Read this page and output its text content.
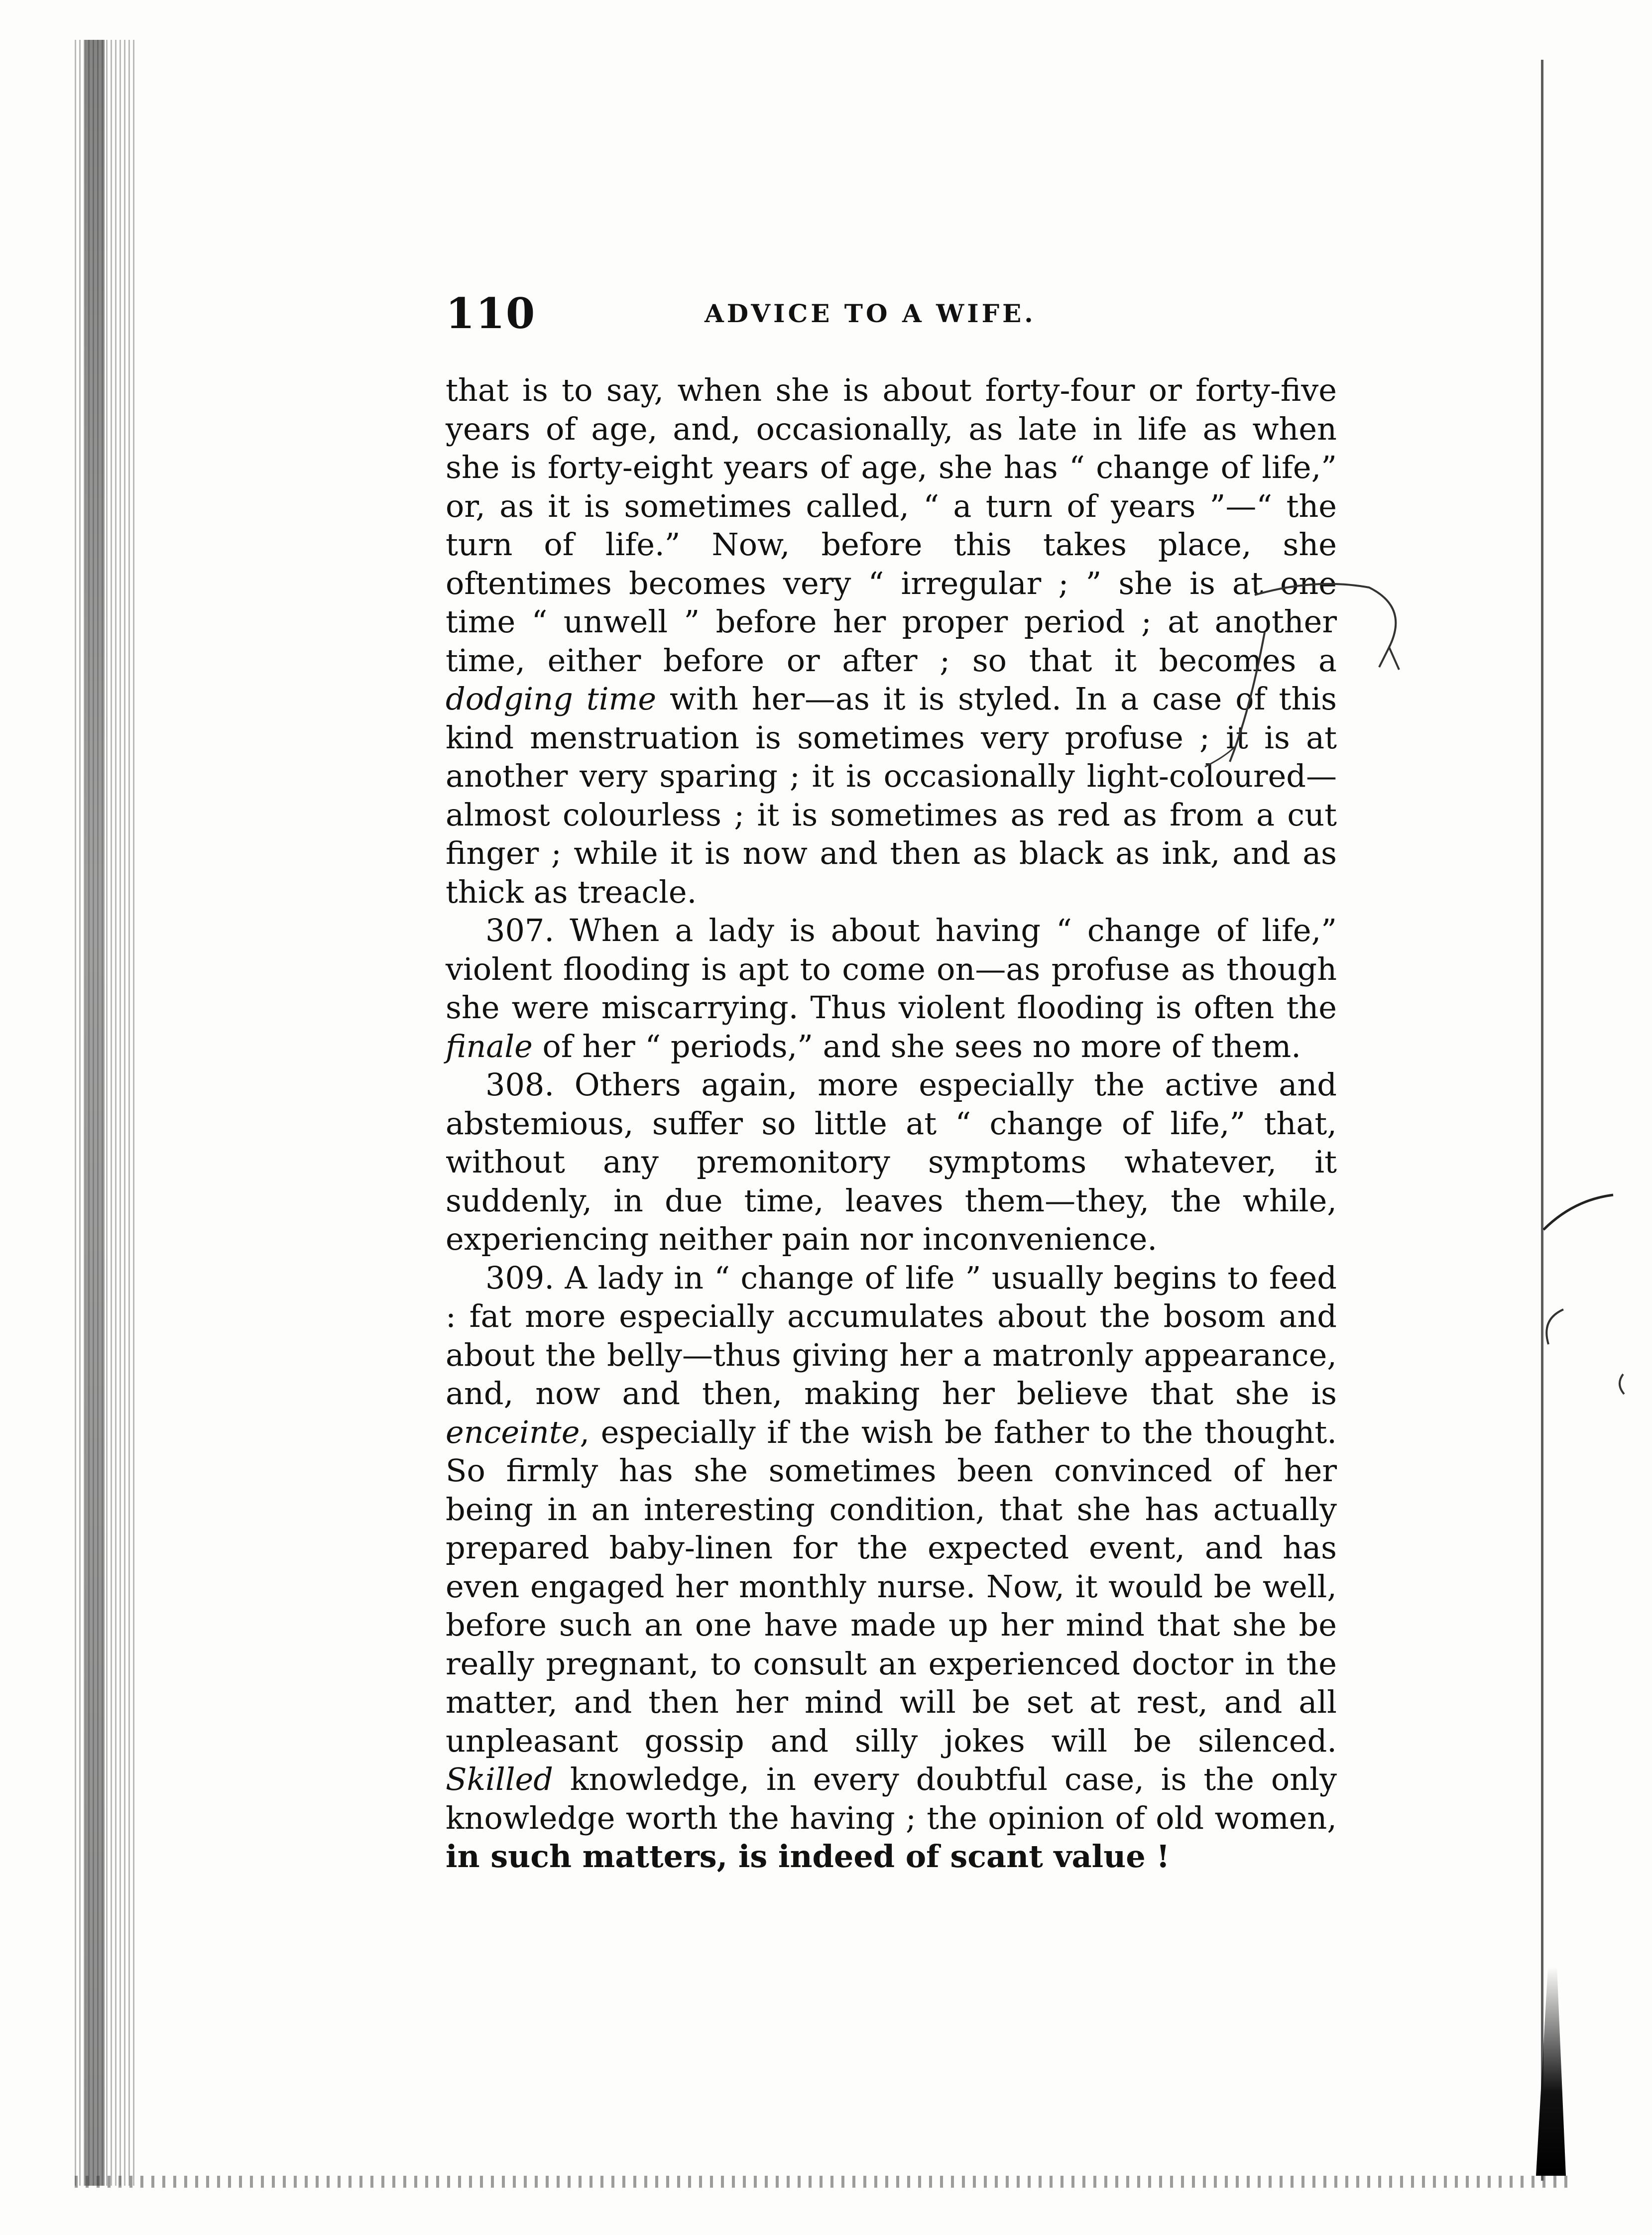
110	ADVICE TO A WIFE.

that is to say, when she is about forty-four or forty-five years of age, and, occasionally, as late in life as when she is forty-eight years of age, she has “ change of life,” or, as it is sometimes called, “ a turn of years ”—“ the turn of life.” Now, before this takes place, she oftentimes becomes very “ irregular ; ” she is at one time “ unwell ” before her proper period ; at another time, either before or after ; so that it becomes a dodging time with her—as it is styled. In a case of this kind menstruation is sometimes very profuse ; it is at another very sparing ; it is occasionally light-coloured—almost colourless ; it is sometimes as red as from a cut finger ; while it is now and then as black as ink, and as thick as treacle.

307. When a lady is about having “ change of life,” violent flooding is apt to come on—as profuse as though she were miscarrying. Thus violent flooding is often the finale of her “ periods,” and she sees no more of them.

308. Others again, more especially the active and abstemious, suffer so little at “ change of life,” that, without any premonitory symptoms whatever, it suddenly, in due time, leaves them—they, the while, experiencing neither pain nor inconvenience.

309. A lady in “ change of life ” usually begins to feed : fat more especially accumulates about the bosom and about the belly—thus giving her a matronly appearance, and, now and then, making her believe that she is enceinte, especially if the wish be father to the thought. So firmly has she sometimes been convinced of her being in an interesting condition, that she has actually prepared baby-linen for the expected event, and has even engaged her monthly nurse. Now, it would be well, before such an one have made up her mind that she be really pregnant, to consult an experienced doctor in the matter, and then her mind will be set at rest, and all unpleasant gossip and silly jokes will be silenced. Skilled knowledge, in every doubtful case, is the only knowledge worth the having ; the opinion of old women, in such matters, is indeed of scant value !
